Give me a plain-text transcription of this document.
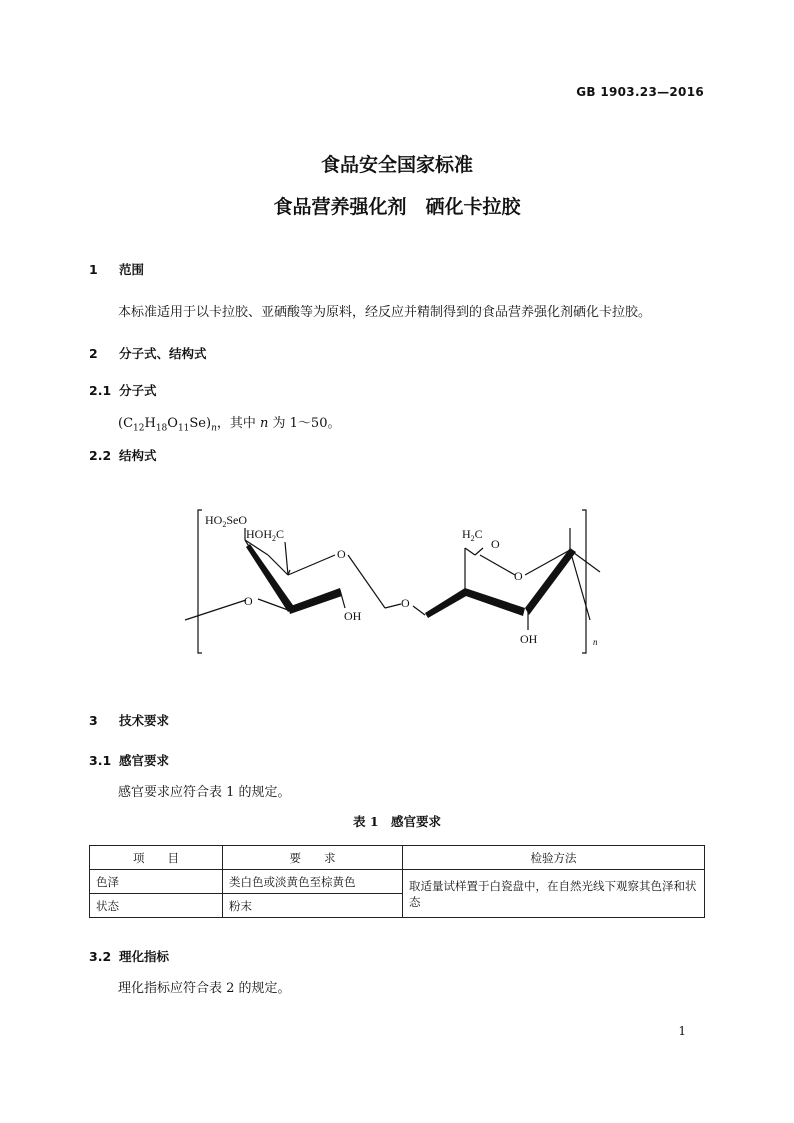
GB 1903.23—2016
食品安全国家标准
食品营养强化剂　硒化卡拉胶
1 范围
本标准适用于以卡拉胶、亚硒酸等为原料，经反应并精制得到的食品营养强化剂硒化卡拉胶。
2 分子式、结构式
2.1 分子式
$(C_{12}H_{18}O_{11}Se)_n$，其中 n 为 1～50。
2.2 结构式
$HO_2SeO$
$HOH_2C$
O
O
OH
O
$H_2C$
O
O
OH	n
3 技术要求
3.1 感官要求
感官要求应符合表 1 的规定。
表 1　感官要求
项　　目	要　　求	检验方法
色泽	类白色或淡黄色至棕黄色	取适量试样置于白瓷盘中，在自然光线下观察其色泽和状态
状态	粉末	
3.2 理化指标
理化指标应符合表 2 的规定。
1
